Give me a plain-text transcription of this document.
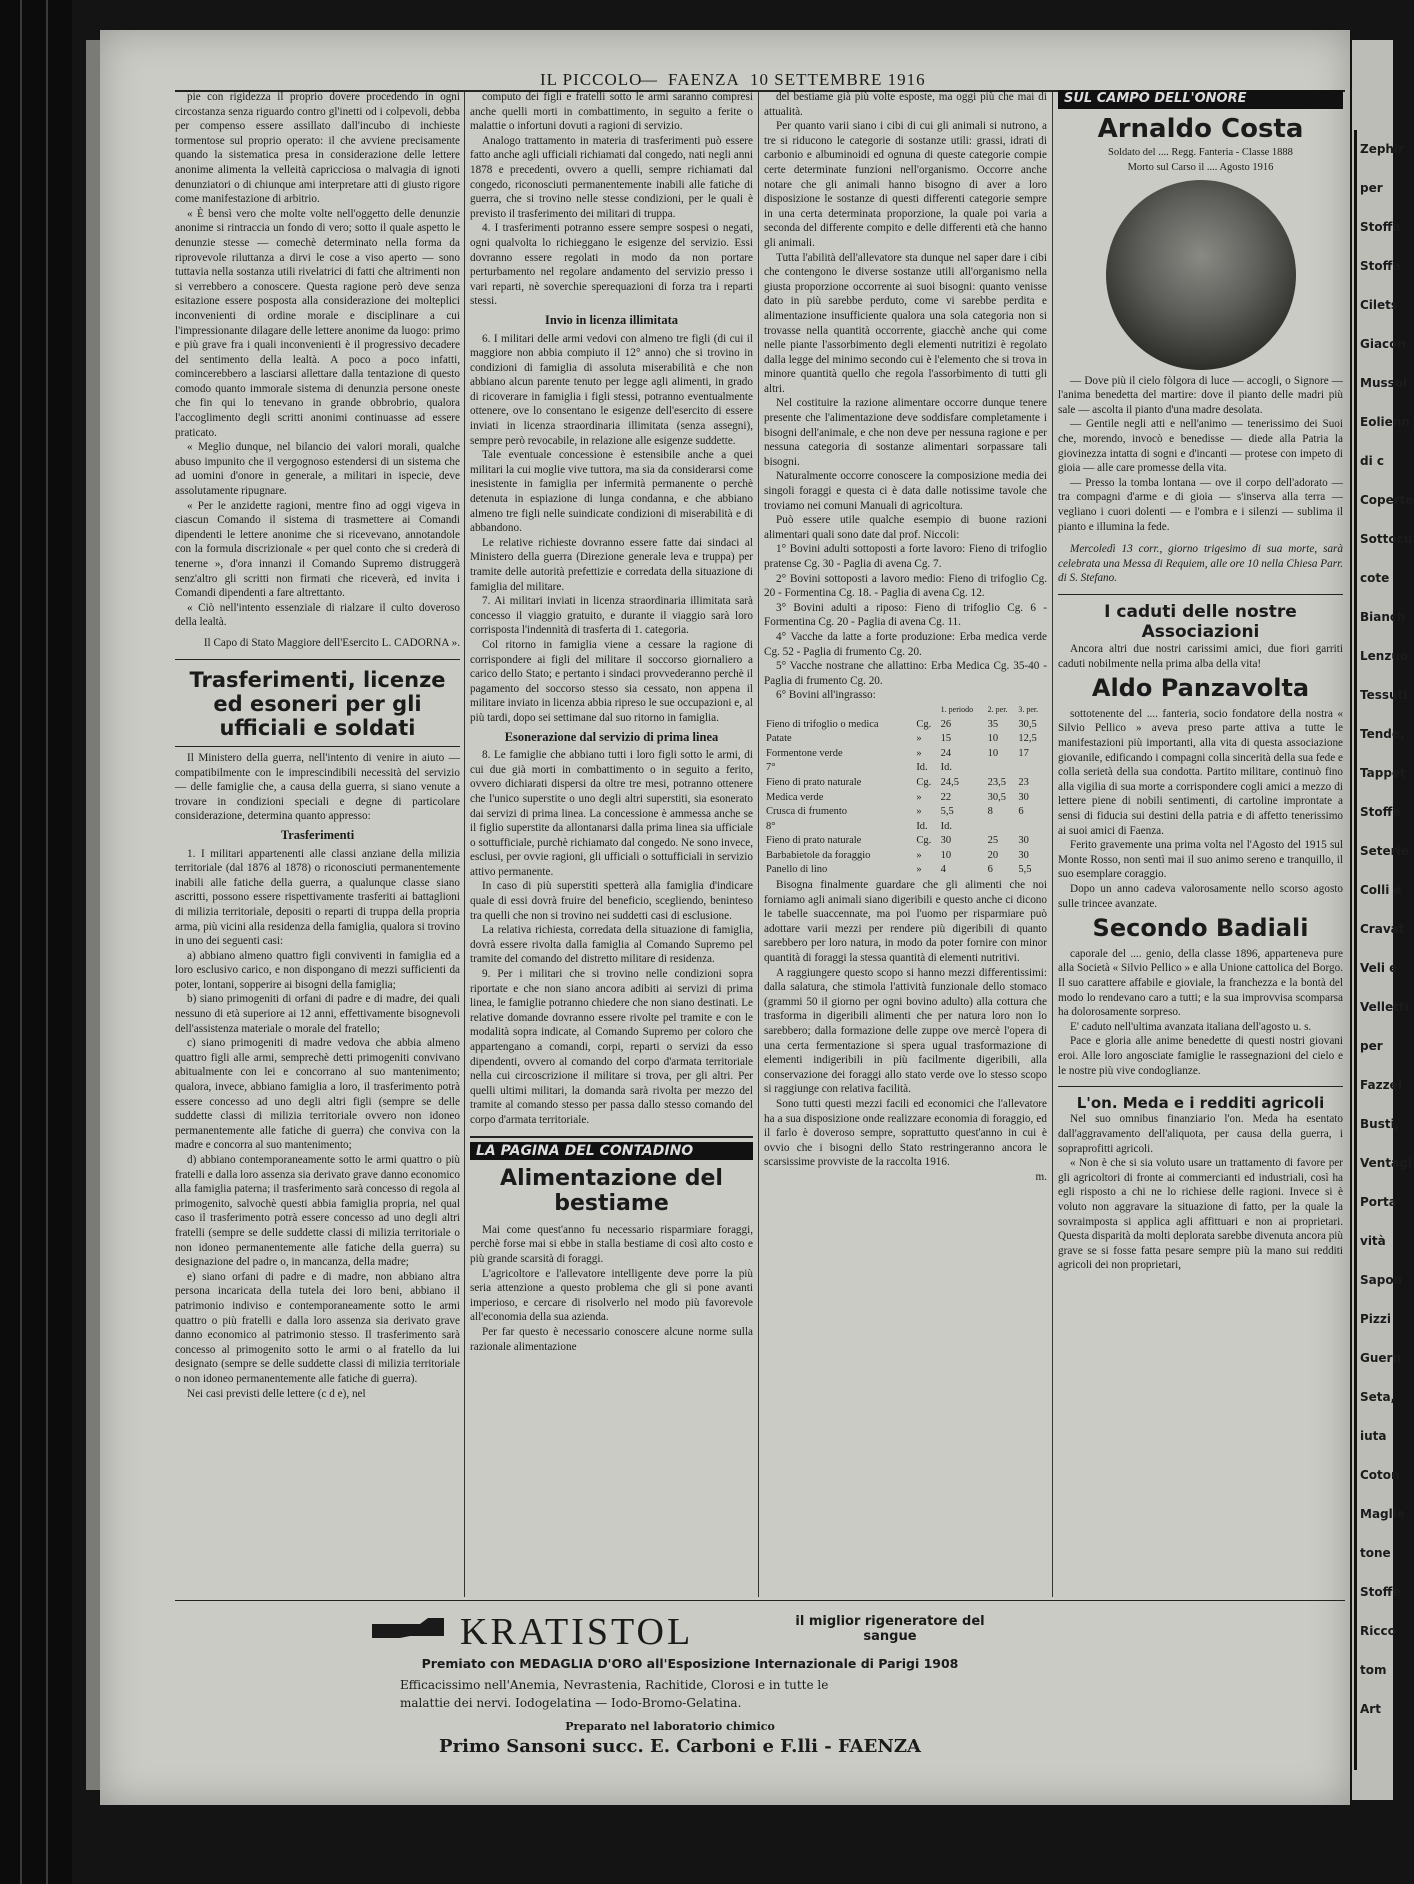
IL PICCOLO
— FAENZA 10 SETTEMBRE 1916

pie con rigidezza il proprio dovere procedendo in ogni circostanza senza riguardo contro gl'inetti od i colpevoli, debba per compenso essere assillato dall'incubo di inchieste tormentose sul proprio operato: il che avviene precisamente quando la sistematica presa in considerazione delle lettere anonime alimenta la velleità capricciosa o malvagia di ignoti denunziatori o di chiunque ami interpretare atti di giusto rigore come manifestazione di arbitrio.

« È bensì vero che molte volte nell'oggetto delle denunzie anonime si rintraccia un fondo di vero; sotto il quale aspetto le denunzie stesse — comechè determinato nella forma da riprovevole riluttanza a dirvi le cose a viso aperto — sono tuttavia nella sostanza utili rivelatrici di fatti che altrimenti non si verrebbero a conoscere. Questa ragione però deve senza esitazione essere posposta alla considerazione dei molteplici inconvenienti di ordine morale e disciplinare a cui l'impressionante dilagare delle lettere anonime da luogo: primo e più grave fra i quali inconvenienti è il progressivo decadere del sentimento della lealtà. A poco a poco infatti, comincerebbero a lasciarsi allettare dalla tentazione di questo comodo quanto immorale sistema di denunzia persone oneste che fin qui lo tenevano in grande obbrobrio, qualora l'accoglimento degli scritti anonimi continuasse ad essere praticato.

« Meglio dunque, nel bilancio dei valori morali, qualche abuso impunito che il vergognoso estendersi di un sistema che ad uomini d'onore in generale, a militari in ispecie, deve assolutamente ripugnare.

« Per le anzidette ragioni, mentre fino ad oggi vigeva in ciascun Comando il sistema di trasmettere ai Comandi dipendenti le lettere anonime che si ricevevano, annotandole con la formula discrizionale « per quel conto che si crederà di tenerne », d'ora innanzi il Comando Supremo distruggerà senz'altro gli scritti non firmati che riceverà, ed invita i Comandi dipendenti a fare altrettanto.

« Ciò nell'intento essenziale di rialzare il culto doveroso della lealtà.

Il Capo di Stato Maggiore dell'Esercito L. CADORNA ».

Trasferimenti, licenze ed esoneri per gli ufficiali e soldati

Il Ministero della guerra, nell'intento di venire in aiuto — compatibilmente con le imprescindibili necessità del servizio — delle famiglie che, a causa della guerra, si siano venute a trovare in condizioni speciali e degne di particolare considerazione, determina quanto appresso:

Trasferimenti

1. I militari appartenenti alle classi anziane della milizia territoriale (dal 1876 al 1878) o riconosciuti permanentemente inabili alle fatiche della guerra, a qualunque classe siano ascritti, possono essere rispettivamente trasferiti ai battaglioni di milizia territoriale, depositi o reparti di truppa della propria arma, più vicini alla residenza della famiglia, qualora si trovino in uno dei seguenti casi:

a) abbiano almeno quattro figli conviventi in famiglia ed a loro esclusivo carico, e non dispongano di mezzi sufficienti da poter, lontani, sopperire ai bisogni della famiglia;

b) siano primogeniti di orfani di padre e di madre, dei quali nessuno di età superiore ai 12 anni, effettivamente bisognevoli dell'assistenza materiale o morale del fratello;

c) siano primogeniti di madre vedova che abbia almeno quattro figli alle armi, semprechè detti primogeniti convivano abitualmente con lei e concorrano al suo mantenimento; qualora, invece, abbiano famiglia a loro, il trasferimento potrà essere concesso ad uno degli altri figli (sempre se delle suddette classi di milizia territoriale ovvero non idoneo permanentemente alle fatiche di guerra) che conviva con la madre e concorra al suo mantenimento;

d) abbiano contemporaneamente sotto le armi quattro o più fratelli e dalla loro assenza sia derivato grave danno economico alla famiglia paterna; il trasferimento sarà concesso di regola al primogenito, salvochè questi abbia famiglia propria, nel qual caso il trasferimento potrà essere concesso ad uno degli altri fratelli (sempre se delle suddette classi di milizia territoriale o non idoneo permanentemente alle fatiche della guerra) su designazione del padre o, in mancanza, della madre;

e) siano orfani di padre e di madre, non abbiano altra persona incaricata della tutela dei loro beni, abbiano il patrimonio indiviso e contemporaneamente sotto le armi quattro o più fratelli e dalla loro assenza sia derivato grave danno economico al patrimonio stesso. Il trasferimento sarà concesso al primogenito sotto le armi o al fratello da lui designato (sempre se delle suddette classi di milizia territoriale o non idoneo permanentemente alle fatiche di guerra).

Nei casi previsti delle lettere (c d e), nel

computo dei figli e fratelli sotto le armi saranno compresi anche quelli morti in combattimento, in seguito a ferite o malattie o infortuni dovuti a ragioni di servizio.

Analogo trattamento in materia di trasferimenti può essere fatto anche agli ufficiali richiamati dal congedo, nati negli anni 1878 e precedenti, ovvero a quelli, sempre richiamati dal congedo, riconosciuti permanentemente inabili alle fatiche di guerra, che si trovino nelle stesse condizioni, per le quali è previsto il trasferimento dei militari di truppa.

4. I trasferimenti potranno essere sempre sospesi o negati, ogni qualvolta lo richieggano le esigenze del servizio. Essi dovranno essere regolati in modo da non portare perturbamento nel regolare andamento del servizio presso i vari reparti, nè soverchie sperequazioni di forza tra i reparti stessi.

Invio in licenza illimitata

6. I militari delle armi vedovi con almeno tre figli (di cui il maggiore non abbia compiuto il 12° anno) che si trovino in condizioni di famiglia di assoluta miserabilità e che non abbiano alcun parente tenuto per legge agli alimenti, in grado di ricoverare in famiglia i figli stessi, potranno eventualmente ottenere, ove lo consentano le esigenze dell'esercito di essere inviati in licenza straordinaria illimitata (senza assegni), sempre però revocabile, in relazione alle esigenze suddette.

Tale eventuale concessione è estensibile anche a quei militari la cui moglie vive tuttora, ma sia da considerarsi come inesistente in famiglia per infermità permanente o perchè detenuta in espiazione di lunga condanna, e che abbiano almeno tre figli nelle suindicate condizioni di miserabilità e di abbandono.

Le relative richieste dovranno essere fatte dai sindaci al Ministero della guerra (Direzione generale leva e truppa) per tramite delle autorità prefettizie e corredata della situazione di famiglia del militare.

7. Ai militari inviati in licenza straordinaria illimitata sarà concesso il viaggio gratuito, e durante il viaggio sarà loro corrisposta l'indennità di trasferta di 1. categoria.

Col ritorno in famiglia viene a cessare la ragione di corrispondere ai figli del militare il soccorso giornaliero a carico dello Stato; e pertanto i sindaci provvederanno perchè il pagamento del soccorso stesso sia cessato, non appena il militare inviato in licenza abbia ripreso le sue occupazioni e, al più tardi, dopo sei settimane dal suo ritorno in famiglia.

Esonerazione dal servizio di prima linea

8. Le famiglie che abbiano tutti i loro figli sotto le armi, di cui due già morti in combattimento o in seguito a ferito, ovvero dichiarati dispersi da oltre tre mesi, potranno ottenere che l'unico superstite o uno degli altri superstiti, sia esonerato dai servizi di prima linea. La concessione è ammessa anche se il figlio superstite da allontanarsi dalla prima linea sia ufficiale o sottufficiale, purchè richiamato dal congedo. Ne sono invece, esclusi, per ovvie ragioni, gli ufficiali o sottufficiali in servizio attivo permanente.

In caso di più superstiti spetterà alla famiglia d'indicare quale di essi dovrà fruire del beneficio, scegliendo, beninteso tra quelli che non si trovino nei suddetti casi di esclusione.

La relativa richiesta, corredata della situazione di famiglia, dovrà essere rivolta dalla famiglia al Comando Supremo pel tramite del comando del distretto militare di residenza.

9. Per i militari che si trovino nelle condizioni sopra riportate e che non siano ancora adibiti ai servizi di prima linea, le famiglie potranno chiedere che non siano destinati. Le relative domande dovranno essere rivolte pel tramite e con le modalità sopra indicate, al Comando Supremo per coloro che appartengano a comandi, corpi, reparti o servizi da esso dipendenti, ovvero al comando del corpo d'armata territoriale nella cui circoscrizione il militare si trova, per gli altri. Per quelli ultimi militari, la domanda sarà rivolta per mezzo del tramite al comando stesso per passa dallo stesso comando del corpo d'armata territoriale.

LA PAGINA DEL CONTADINO
Alimentazione del bestiame

Mai come quest'anno fu necessario risparmiare foraggi, perchè forse mai si ebbe in stalla bestiame di così alto costo e più grande scarsità di foraggi.

L'agricoltore e l'allevatore intelligente deve porre la più seria attenzione a questo problema che gli si pone avanti imperioso, e cercare di risolverlo nel modo più favorevole all'economia della sua azienda.

Per far questo è necessario conoscere alcune norme sulla razionale alimentazione

del bestiame già più volte esposte, ma oggi più che mai di attualità.

Per quanto varii siano i cibi di cui gli animali si nutrono, a tre si riducono le categorie di sostanze utili: grassi, idrati di carbonio e albuminoidi ed ognuna di queste categorie compie certe determinate funzioni nell'organismo. Occorre anche notare che gli animali hanno bisogno di aver a loro disposizione le sostanze di questi differenti categorie sempre in una certa determinata proporzione, la quale poi varia a seconda del differente compito e delle differenti età che hanno gli animali.

Tutta l'abilità dell'allevatore sta dunque nel saper dare i cibi che contengono le diverse sostanze utili all'organismo nella giusta proporzione occorrente ai suoi bisogni: quanto venisse dato in più sarebbe perduto, come vi sarebbe perdita e alimentazione insufficiente qualora una sola categoria non si trovasse nella quantità occorrente, giacchè anche qui come nelle piante l'assorbimento degli elementi nutritizi è regolato dalla legge del minimo secondo cui è l'elemento che si trova in minore quantità quello che regola l'assorbimento di tutti gli altri.

Nel costituire la razione alimentare occorre dunque tenere presente che l'alimentazione deve soddisfare completamente i bisogni dell'animale, e che non deve per nessuna ragione e per nessuna categoria di sostanze alimentari sorpassare tali bisogni.

Naturalmente occorre conoscere la composizione media dei singoli foraggi e questa ci è data dalle notissime tavole che troviamo nei comuni Manuali di agricoltura.

Può essere utile qualche esempio di buone razioni alimentari quali sono date dal prof. Niccoli:

1° Bovini adulti sottoposti a forte lavoro: Fieno di trifoglio pratense Cg. 30 - Paglia di avena Cg. 7.

2° Bovini sottoposti a lavoro medio: Fieno di trifoglio Cg. 20 - Formentina Cg. 18. - Paglia di avena Cg. 12.

3° Bovini adulti a riposo: Fieno di trifoglio Cg. 6 - Formentina Cg. 20 - Paglia di avena Cg. 11.

4° Vacche da latte a forte produzione: Erba medica verde Cg. 52 - Paglia di frumento Cg. 20.

5° Vacche nostrane che allattino: Erba Medica Cg. 35-40 - Paglia di frumento Cg. 20.

6° Bovini all'ingrasso:

		1. periodo	2. per.	3. per.
Fieno di trifoglio o medica	Cg.	26	35	30,5
Patate	»	15	10	12,5
Formentone verde	»	24	10	17
7°	Id.	Id.		
Fieno di prato naturale	Cg.	24,5	23,5	23
Medica verde	»	22	30,5	30
Crusca di frumento	»	5,5	8	6
8°	Id.	Id.		
Fieno di prato naturale	Cg.	30	25	30
Barbabietole da foraggio	»	10	20	30
Panello di lino	»	4	6	5,5

Bisogna finalmente guardare che gli alimenti che noi forniamo agli animali siano digeribili e questo anche ci dicono le tabelle suaccennate, ma poi l'uomo per risparmiare può adottare varii mezzi per rendere più digeribili di quanto sarebbero per loro natura, in modo da poter fornire con minor quantità di foraggi la stessa quantità di elementi nutritivi.

A raggiungere questo scopo si hanno mezzi differentissimi: dalla salatura, che stimola l'attività funzionale dello stomaco (grammi 50 il giorno per ogni bovino adulto) alla cottura che trasforma in digeribili alimenti che per natura loro non lo sarebbero; dalla formazione delle zuppe ove mercè l'opera di una certa fermentazione si spera ugual trasformazione di elementi indigeribili in più facilmente digeribili, alla conservazione dei foraggi allo stato verde ove lo stesso scopo si raggiunge con relativa facilità.

Sono tutti questi mezzi facili ed economici che l'allevatore ha a sua disposizione onde realizzare economia di foraggio, ed il farlo è doveroso sempre, soprattutto quest'anno in cui è ovvio che i bisogni dello Stato restringeranno ancora le scarsissime provviste de la raccolta 1916.

m.

SUL CAMPO DELL'ONORE
Arnaldo Costa
Soldato del .... Regg. Fanteria - Classe 1888
Morto sul Carso il .... Agosto 1916

— Dove più il cielo fòlgora di luce — accogli, o Signore — l'anima benedetta del martire: dove il pianto delle madri più sale — ascolta il pianto d'una madre desolata.

— Gentile negli atti e nell'animo — tenerissimo dei Suoi che, morendo, invocò e benedisse — diede alla Patria la giovinezza intatta di sogni e d'incanti — protese con impeto di gioia — alle care promesse della vita.

— Presso la tomba lontana — ove il corpo dell'adorato — tra compagni d'arme e di gioia — s'inserva alla terra — vegliano i cuori dolenti — e l'ombra e i silenzi — sublima il pianto e illumina la fede.

Mercoledì 13 corr., giorno trigesimo di sua morte, sarà celebrata una Messa di Requiem, alle ore 10 nella Chiesa Parr. di S. Stefano.

I caduti delle nostre Associazioni

Ancora altri due nostri carissimi amici, due fiori garriti caduti nobilmente nella prima alba della vita!

Aldo Panzavolta

sottotenente del .... fanteria, socio fondatore della nostra « Silvio Pellico » aveva preso parte attiva a tutte le manifestazioni più importanti, alla vita di questa associazione giovanile, edificando i compagni colla sincerità della sua fede e colla serietà della sua condotta. Partito militare, continuò fino alla vigilia di sua morte a corrispondere cogli amici a mezzo di lettere piene di nobili sentimenti, di cartoline improntate a sensi di fiducia sui destini della patria e di affetto tenerissimo ai suoi amici di Faenza.

Ferito gravemente una prima volta nel l'Agosto del 1915 sul Monte Rosso, non sentì mai il suo animo sereno e tranquillo, il suo esemplare coraggio.

Dopo un anno cadeva valorosamente nello scorso agosto sulle trincee avanzate.

Secondo Badiali

caporale del .... genio, della classe 1896, apparteneva pure alla Società « Silvio Pellico » e alla Unione cattolica del Borgo. Il suo carattere affabile e gioviale, la franchezza e la bontà del modo lo rendevano caro a tutti; e la sua improvvisa scomparsa ha dolorosamente sorpreso.

E' caduto nell'ultima avanzata italiana dell'agosto u. s.

Pace e gloria alle anime benedette di questi nostri giovani eroi. Alle loro angosciate famiglie le rassegnazioni del cielo e le nostre più vive condoglianze.

L'on. Meda e i redditi agricoli

Nel suo omnibus finanziario l'on. Meda ha esentato dall'aggravamento dell'aliquota, per causa della guerra, i sopraprofitti agricoli.

« Non è che si sia voluto usare un trattamento di favore per gli agricoltori di fronte ai commercianti ed industriali, così ha egli risposto a chi ne lo richiese delle ragioni. Invece si è voluto non aggravare la situazione di fatto, per la quale la sovraimposta si applica agli affittuari e non ai proprietari. Questa disparità da molti deplorata sarebbe divenuta ancora più grave se si fosse fatta pesare sempre più la mano sui redditi agricoli dei non proprietari,

KRATISTOL	il miglior rigeneratore del sangue
Premiato con MEDAGLIA D'ORO all'Esposizione Internazionale di Parigi 1908
Efficacissimo nell'Anemia, Nevrastenia, Rachitide, Clorosi e in tutte le
malattie dei nervi. Iodogelatina — Iodo-Bromo-Gelatina.
Preparato nel laboratorio chimico
Primo Sansoni succ. E. Carboni e F.lli - FAENZA
Zephir
per
Stoffa
Stoffa
Cilets
Giacon
Mussol
Eolienn
di c
Coperte
Sottocu
cote
Bianch
Lenzuo
Tessuti
Tende,
Tappet
Stoffe
Seterie
Colli e
Cravat
Veli e
Velletti
per
Fazzel
Busti,
Ventagl
Porta
vità
Sapon
Pizzi
Guern
Seta,
iuta
Coton
Maglie
tone
Stoffe
Ricco
tom
Art
